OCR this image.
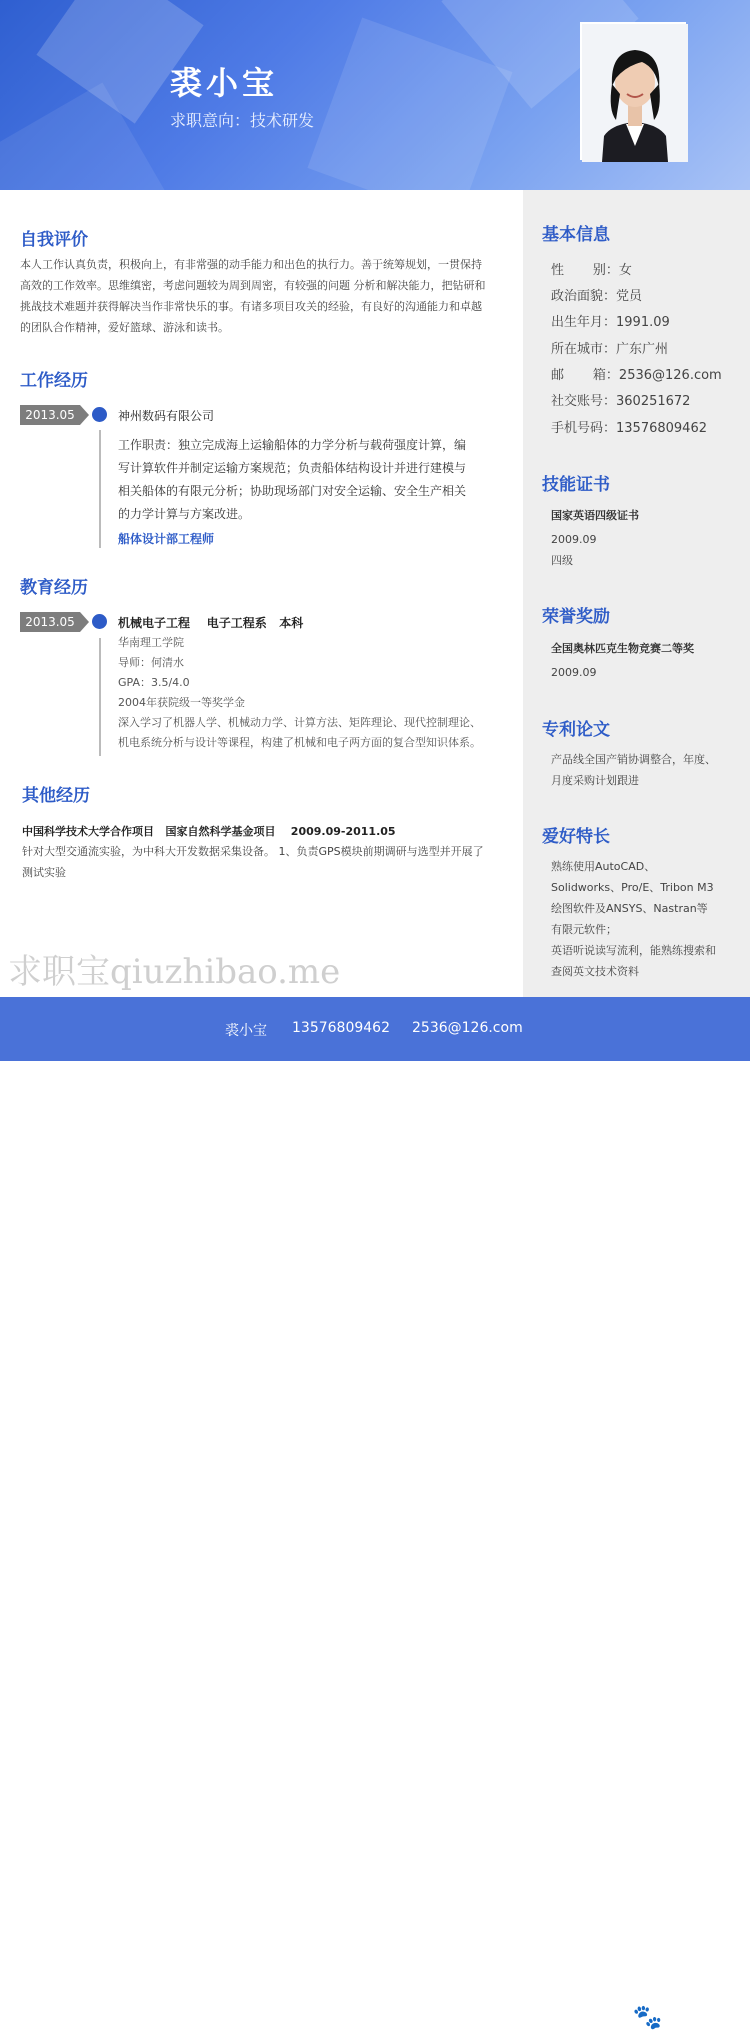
裘小宝
求职意向：技术研发
自我评价
本人工作认真负责，积极向上，有非常强的动手能力和出色的执行力。善于统筹规划，一贯保持
高效的工作效率。思维缜密，考虑问题较为周到周密，有较强的问题 分析和解决能力，把钻研和
挑战技术难题并获得解决当作非常快乐的事。有诸多项目攻关的经验，有良好的沟通能力和卓越
的团队合作精神，爱好篮球、游泳和读书。
工作经历
2013.05	神州数码有限公司
工作职责：独立完成海上运输船体的力学分析与载荷强度计算，编
写计算软件并制定运输方案规范；负责船体结构设计并进行建模与
相关船体的有限元分析；协助现场部门对安全运输、安全生产相关
的力学计算与方案改进。
船体设计部工程师
教育经历
2013.05	机械电子工程    电子工程系   本科
华南理工学院
导师：何清水
GPA：3.5/4.0
2004年获院级一等奖学金
深入学习了机器人学、机械动力学、计算方法、矩阵理论、现代控制理论、
机电系统分析与设计等课程，构建了机械和电子两方面的复合型知识体系。
其他经历
中国科学技术大学合作项目   国家自然科学基金项目    2009.09-2011.05
针对大型交通流实验，为中科大开发数据采集设备。 1、负责GPS模块前期调研与选型并开展了
测试实验
基本信息
性       别：女
政治面貌：党员
出生年月：1991.09
所在城市：广东广州
邮       箱：2536@126.com
社交账号：360251672
手机号码：13576809462
技能证书
国家英语四级证书
2009.09
四级
荣誉奖励
全国奥林匹克生物竞赛二等奖
2009.09
专利论文
产品线全国产销协调整合，年度、
月度采购计划跟进
爱好特长
熟练使用AutoCAD、
Solidworks、Pro/E、Tribon M3
绘图软件及ANSYS、Nastran等
有限元软件；
英语听说读写流利，能熟练搜索和
查阅英文技术资料
求职宝qiuzhibao.me
裘小宝 13576809462 2536@126.com
Bai🐾经验
jingyan.baidu.com
